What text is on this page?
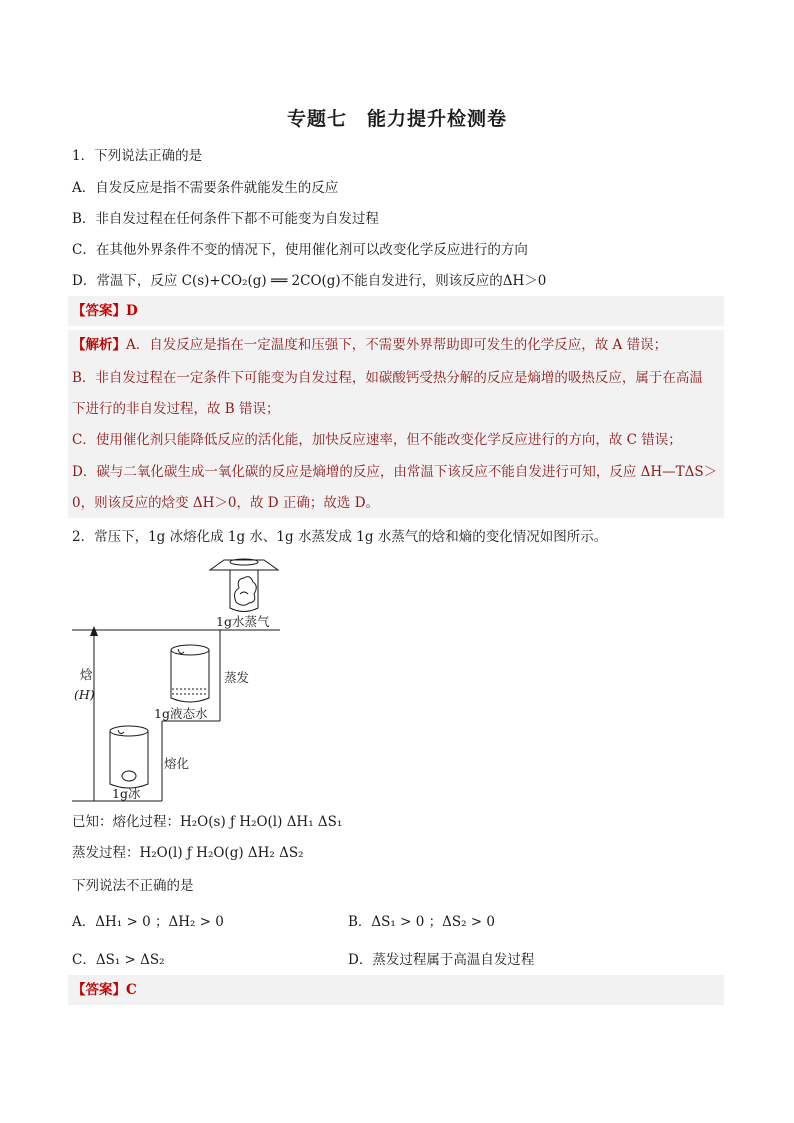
专题七　能力提升检测卷
1．下列说法正确的是
A．自发反应是指不需要条件就能发生的反应
B．非自发过程在任何条件下都不可能变为自发过程
C．在其他外界条件不变的情况下，使用催化剂可以改变化学反应进行的方向
D．常温下，反应 C(s)+CO₂(g) ══ 2CO(g)不能自发进行，则该反应的ΔH＞0
【答案】D
【解析】A．自发反应是指在一定温度和压强下，不需要外界帮助即可发生的化学反应，故 A 错误；
B．非自发过程在一定条件下可能变为自发过程，如碳酸钙受热分解的反应是熵增的吸热反应，属于在高温
下进行的非自发过程，故 B 错误；
C．使用催化剂只能降低反应的活化能，加快反应速率，但不能改变化学反应进行的方向，故 C 错误；
D．碳与二氧化碳生成一氧化碳的反应是熵增的反应，由常温下该反应不能自发进行可知，反应 ΔH—TΔS＞
0，则该反应的焓变 ΔH＞0，故 D 正确；故选 D。
2．常压下，1g 冰熔化成 1g 水、1g 水蒸发成 1g 水蒸气的焓和熵的变化情况如图所示。
焓
(H)
熔化
蒸发
1g冰
1g液态水
1g水蒸气
已知：熔化过程：H₂O(s) ƒ H₂O(l) ΔH₁ ΔS₁
蒸发过程：H₂O(l) ƒ H₂O(g) ΔH₂ ΔS₂
下列说法不正确的是
A．ΔH₁ > 0 ；ΔH₂ > 0	B．ΔS₁ > 0 ；ΔS₂ > 0
C．ΔS₁ > ΔS₂	D．蒸发过程属于高温自发过程
【答案】C
